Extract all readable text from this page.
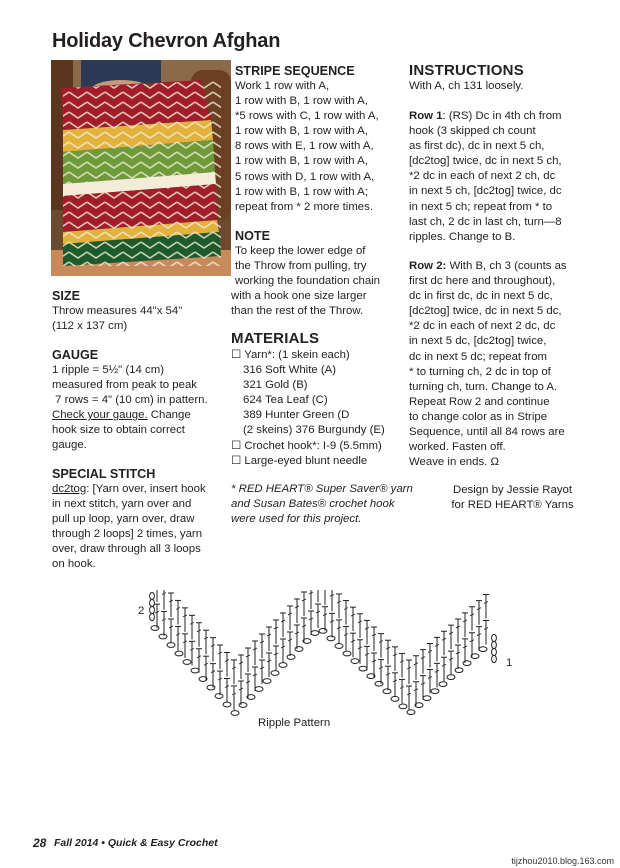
Holiday Chevron Afghan
SIZE
Throw measures 44"x 54"
(112 x 137 cm)
GAUGE
1 ripple = 5½" (14 cm)
measured from peak to peak
7 rows = 4" (10 cm) in pattern.
Check your gauge. Change
hook size to obtain correct
gauge.
SPECIAL STITCH
dc2tog: [Yarn over, insert hook
in next stitch, yarn over and
pull up loop, yarn over, draw
through 2 loops] 2 times, yarn
over, draw through all 3 loops
on hook.
STRIPE SEQUENCE
Work 1 row with A,
1 row with B, 1 row with A,
*5 rows with C, 1 row with A,
1 row with B, 1 row with A,
8 rows with E, 1 row with A,
1 row with B, 1 row with A,
5 rows with D, 1 row with A,
1 row with B, 1 row with A;
repeat from * 2 more times.
NOTE
To keep the lower edge of
the Throw from pulling, try
working the foundation chain
with a hook one size larger
than the rest of the Throw.
MATERIALS
☐ Yarn*: (1 skein each)
316 Soft White (A)
321 Gold (B)
624 Tea Leaf (C)
389 Hunter Green (D
(2 skeins) 376 Burgundy (E)
☐ Crochet hook*: I-9 (5.5mm)
☐ Large-eyed blunt needle
* RED HEART® Super Saver® yarn
and Susan Bates® crochet hook
were used for this project.
INSTRUCTIONS
With A, ch 131 loosely.
Row 1: (RS) Dc in 4th ch from
hook (3 skipped ch count
as first dc), dc in next 5 ch,
[dc2tog] twice, dc in next 5 ch,
*2 dc in each of next 2 ch, dc
in next 5 ch, [dc2tog] twice, dc
in next 5 ch; repeat from * to
last ch, 2 dc in last ch, turn—8
ripples. Change to B.
Row 2: With B, ch 3 (counts as
first dc here and throughout),
dc in first dc, dc in next 5 dc,
[dc2tog] twice, dc in next 5 dc,
*2 dc in each of next 2 dc, dc
in next 5 dc, [dc2tog] twice,
dc in next 5 dc; repeat from
* to turning ch, 2 dc in top of
turning ch, turn. Change to A.
Repeat Row 2 and continue
to change color as in Stripe
Sequence, until all 84 rows are
worked. Fasten off.
Weave in ends. Ω
Design by Jessie Rayot
for RED HEART® Yarns
2
1
Ripple Pattern
28 Fall 2014 • Quick & Easy Crochet
tijzhou2010.blog.163.com
